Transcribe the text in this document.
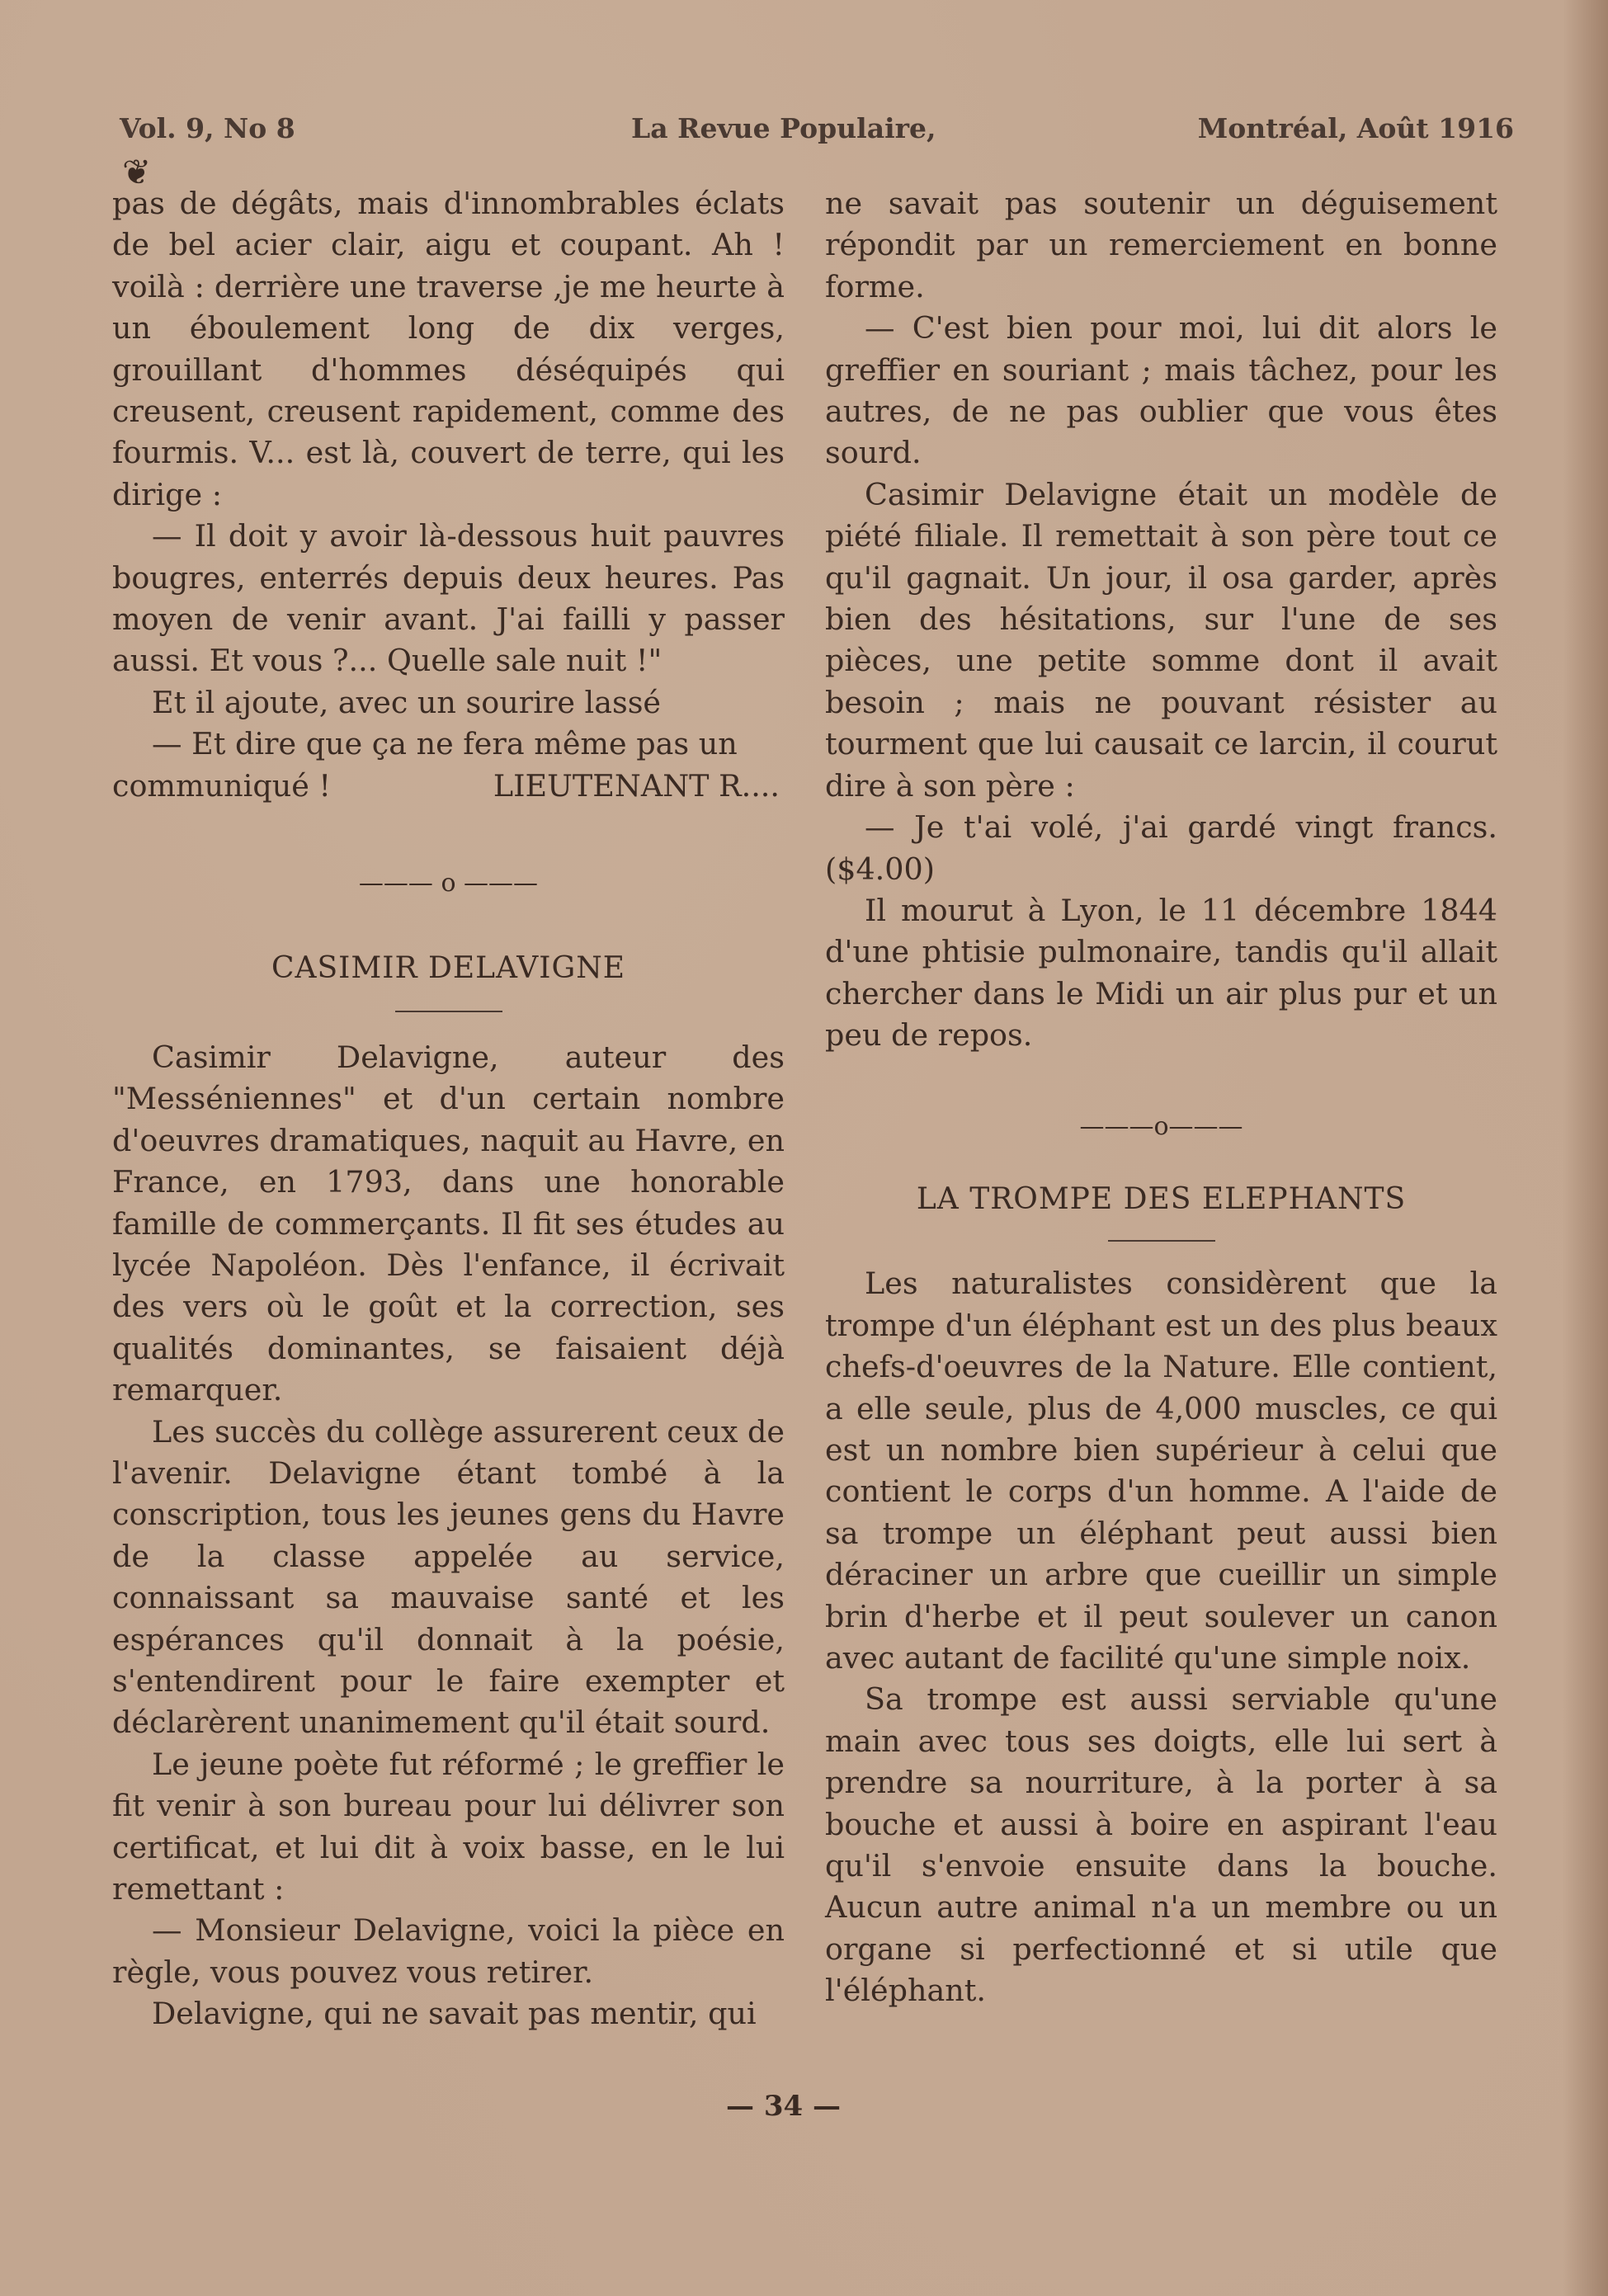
Vol. 9, No 8	La Revue Populaire,	Montréal, Août 1916
❦

pas de dégâts, mais d'innombrables éclats de bel acier clair, aigu et coupant. Ah ! voilà : derrière une traverse ,je me heurte à un éboulement long de dix verges, grouillant d'hommes déséquipés qui creusent, creusent rapidement, comme des fourmis. V... est là, couvert de terre, qui les dirige :

— Il doit y avoir là-dessous huit pauvres bougres, enterrés depuis deux heures. Pas moyen de venir avant. J'ai failli y passer aussi. Et vous ?... Quelle sale nuit !"

Et il ajoute, avec un sourire lassé

— Et dire que ça ne fera même pas un

communiqué !	LIEUTENANT R....

——— o ———

CASIMIR DELAVIGNE

Casimir Delavigne, auteur des "Messéniennes" et d'un certain nombre d'oeuvres dramatiques, naquit au Havre, en France, en 1793, dans une honorable famille de commerçants. Il fit ses études au lycée Napoléon. Dès l'enfance, il écrivait des vers où le goût et la correction, ses qualités dominantes, se faisaient déjà remarquer.

Les succès du collège assurerent ceux de l'avenir. Delavigne étant tombé à la conscription, tous les jeunes gens du Havre de la classe appelée au service, connaissant sa mauvaise santé et les espérances qu'il donnait à la poésie, s'entendirent pour le faire exempter et déclarèrent unanimement qu'il était sourd.

Le jeune poète fut réformé ; le greffier le fit venir à son bureau pour lui délivrer son certificat, et lui dit à voix basse, en le lui remettant :

— Monsieur Delavigne, voici la pièce en règle, vous pouvez vous retirer.

Delavigne, qui ne savait pas mentir, qui

ne savait pas soutenir un déguisement répondit par un remerciement en bonne forme.

— C'est bien pour moi, lui dit alors le greffier en souriant ; mais tâchez, pour les autres, de ne pas oublier que vous êtes sourd.

Casimir Delavigne était un modèle de piété filiale. Il remettait à son père tout ce qu'il gagnait. Un jour, il osa garder, après bien des hésitations, sur l'une de ses pièces, une petite somme dont il avait besoin ; mais ne pouvant résister au tourment que lui causait ce larcin, il courut dire à son père :

— Je t'ai volé, j'ai gardé vingt francs. ($4.00)

Il mourut à Lyon, le 11 décembre 1844 d'une phtisie pulmonaire, tandis qu'il allait chercher dans le Midi un air plus pur et un peu de repos.

———o———

LA TROMPE DES ELEPHANTS

Les naturalistes considèrent que la trompe d'un éléphant est un des plus beaux chefs-d'oeuvres de la Nature. Elle contient, a elle seule, plus de 4,000 muscles, ce qui est un nombre bien supérieur à celui que contient le corps d'un homme. A l'aide de sa trompe un éléphant peut aussi bien déraciner un arbre que cueillir un simple brin d'herbe et il peut soulever un canon avec autant de facilité qu'une simple noix.

Sa trompe est aussi serviable qu'une main avec tous ses doigts, elle lui sert à prendre sa nourriture, à la porter à sa bouche et aussi à boire en aspirant l'eau qu'il s'envoie ensuite dans la bouche. Aucun autre animal n'a un membre ou un organe si perfectionné et si utile que l'éléphant.

— 34 —
